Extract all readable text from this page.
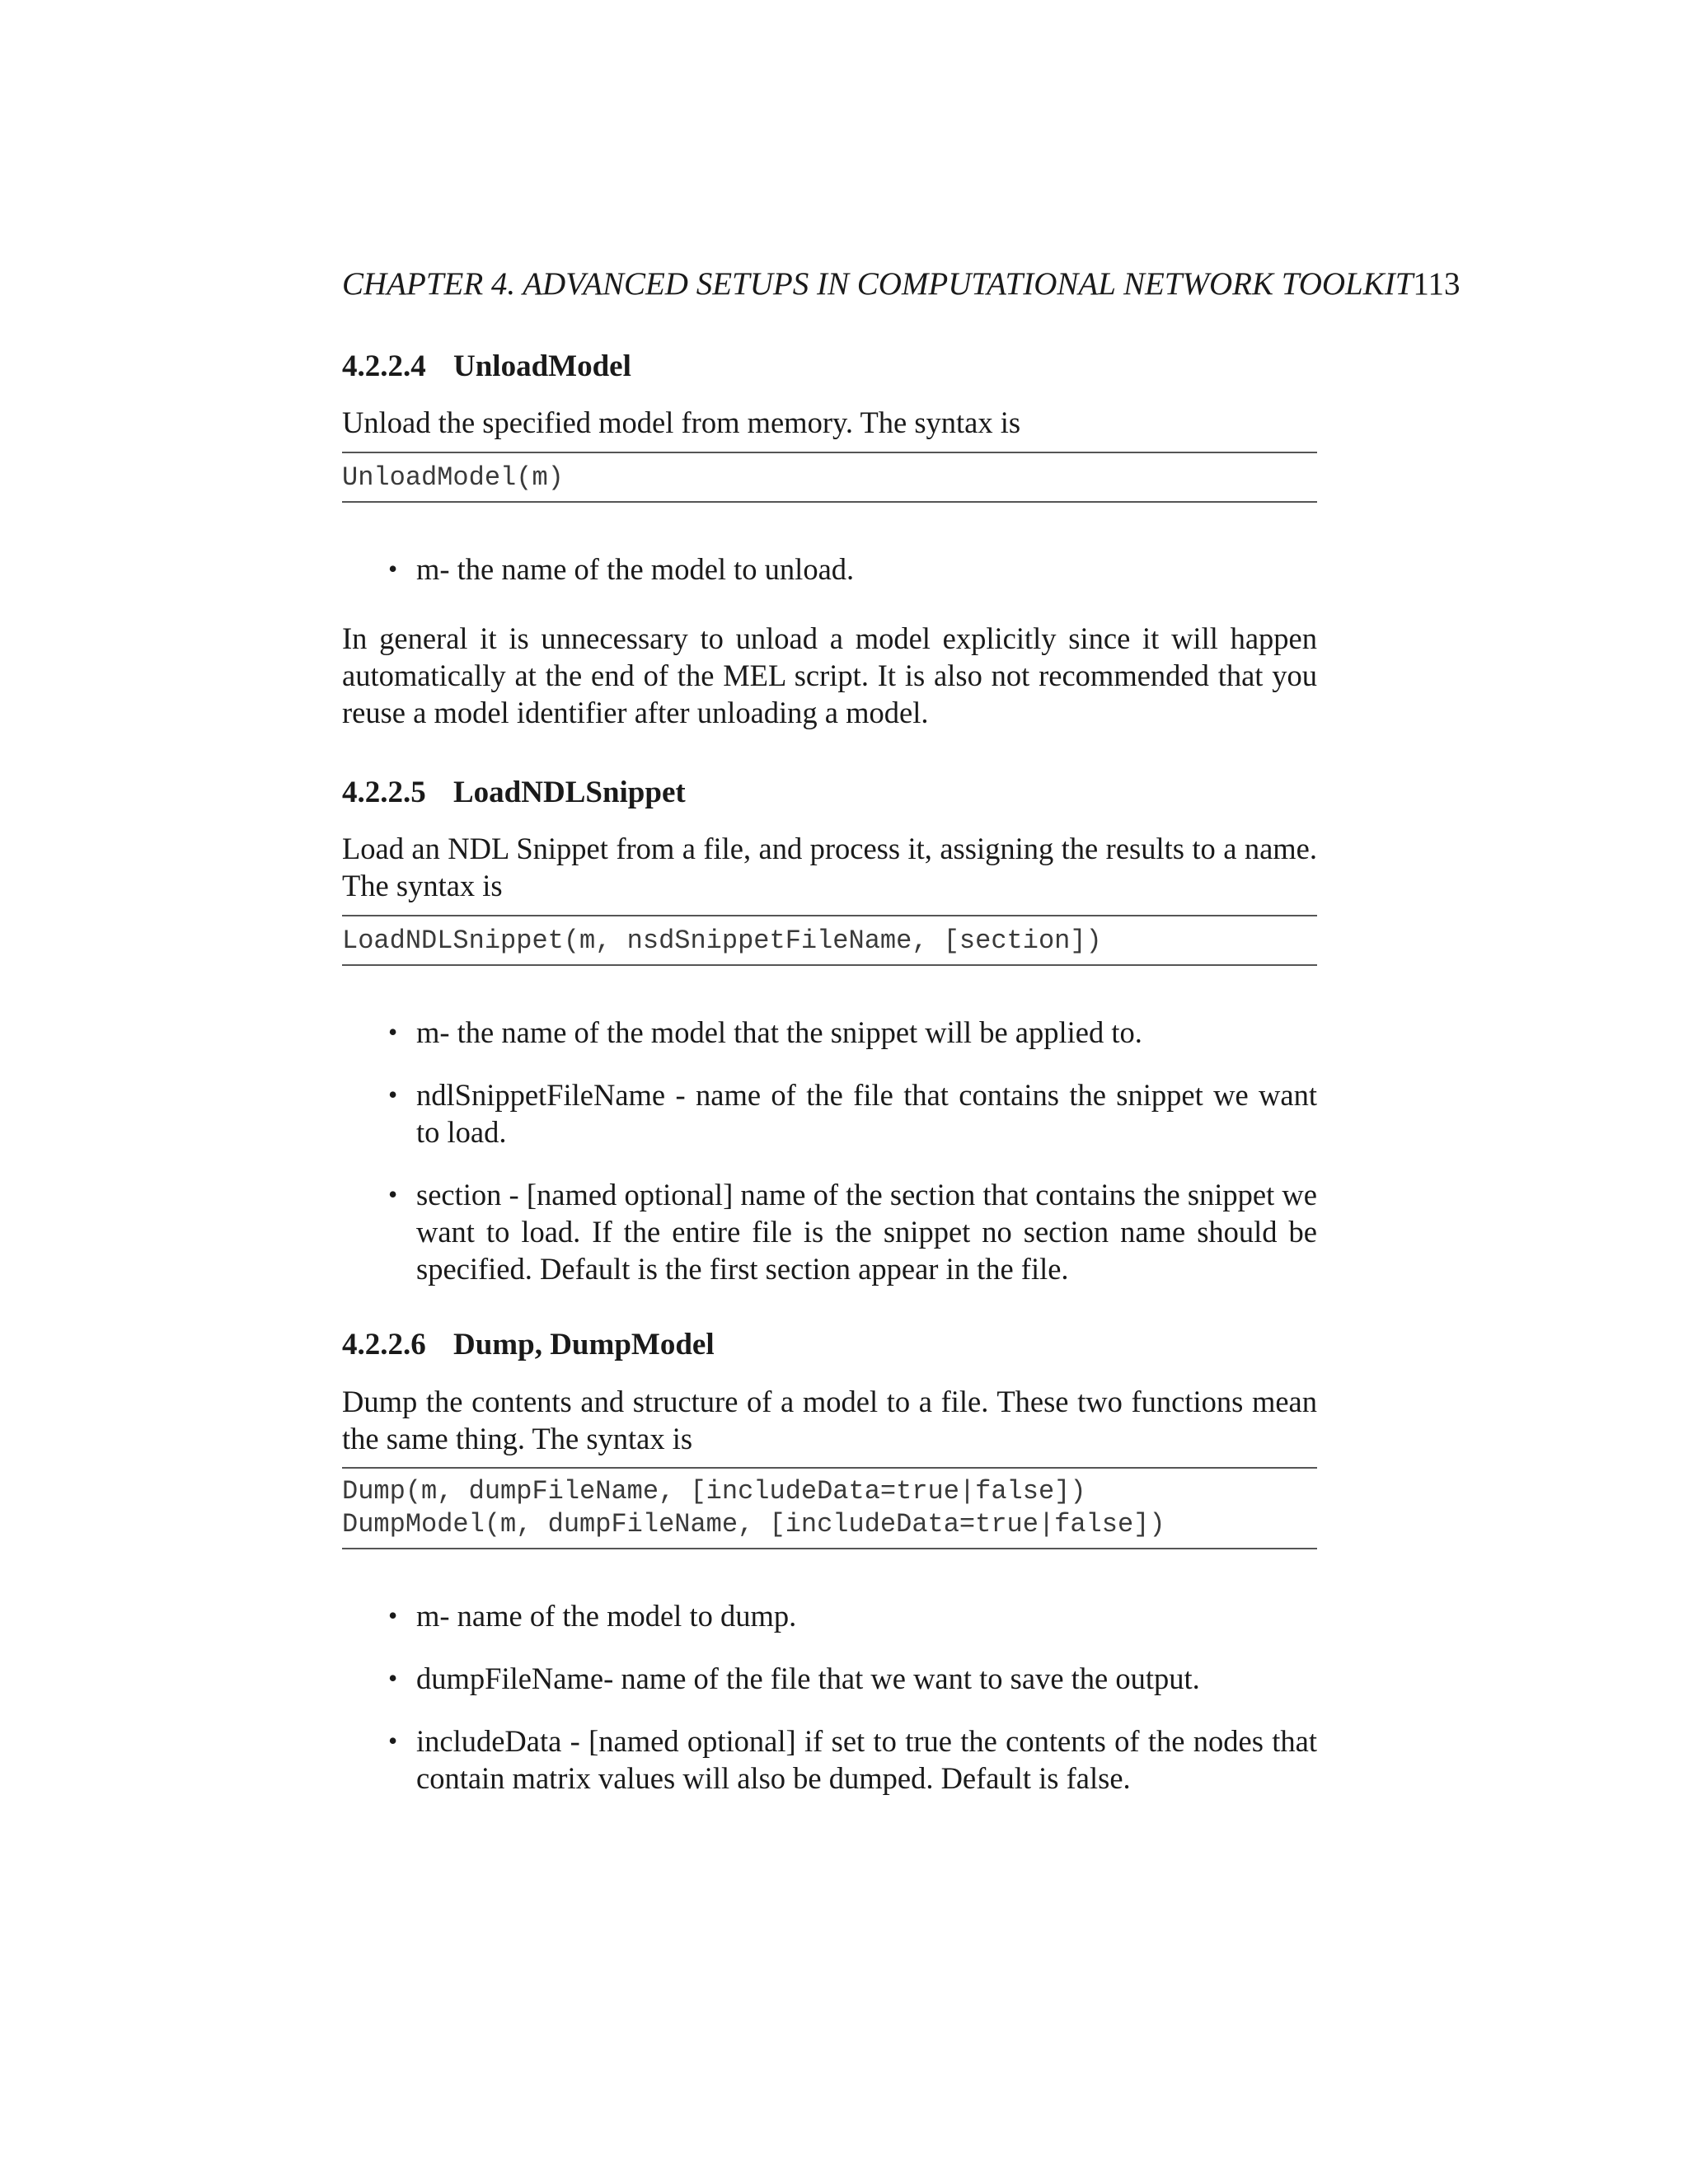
CHAPTER 4. ADVANCED SETUPS IN COMPUTATIONAL NETWORK TOOLKIT113
4.2.2.4 UnloadModel
Unload the specified model from memory. The syntax is
UnloadModel(m)
• m- the name of the model to unload.
In general it is unnecessary to unload a model explicitly since it will happen automatically at the end of the MEL script. It is also not recommended that you reuse a model identifier after unloading a model.
4.2.2.5 LoadNDLSnippet
Load an NDL Snippet from a file, and process it, assigning the results to a name. The syntax is
LoadNDLSnippet(m, nsdSnippetFileName, [section])
• m- the name of the model that the snippet will be applied to.
• ndlSnippetFileName - name of the file that contains the snippet we want to load.
• section - [named optional] name of the section that contains the snippet we want to load. If the entire file is the snippet no section name should be specified. Default is the first section appear in the file.
4.2.2.6 Dump, DumpModel
Dump the contents and structure of a model to a file. These two functions mean the same thing. The syntax is
Dump(m, dumpFileName, [includeData=true|false])
DumpModel(m, dumpFileName, [includeData=true|false])
• m- name of the model to dump.
• dumpFileName- name of the file that we want to save the output.
• includeData - [named optional] if set to true the contents of the nodes that contain matrix values will also be dumped. Default is false.
